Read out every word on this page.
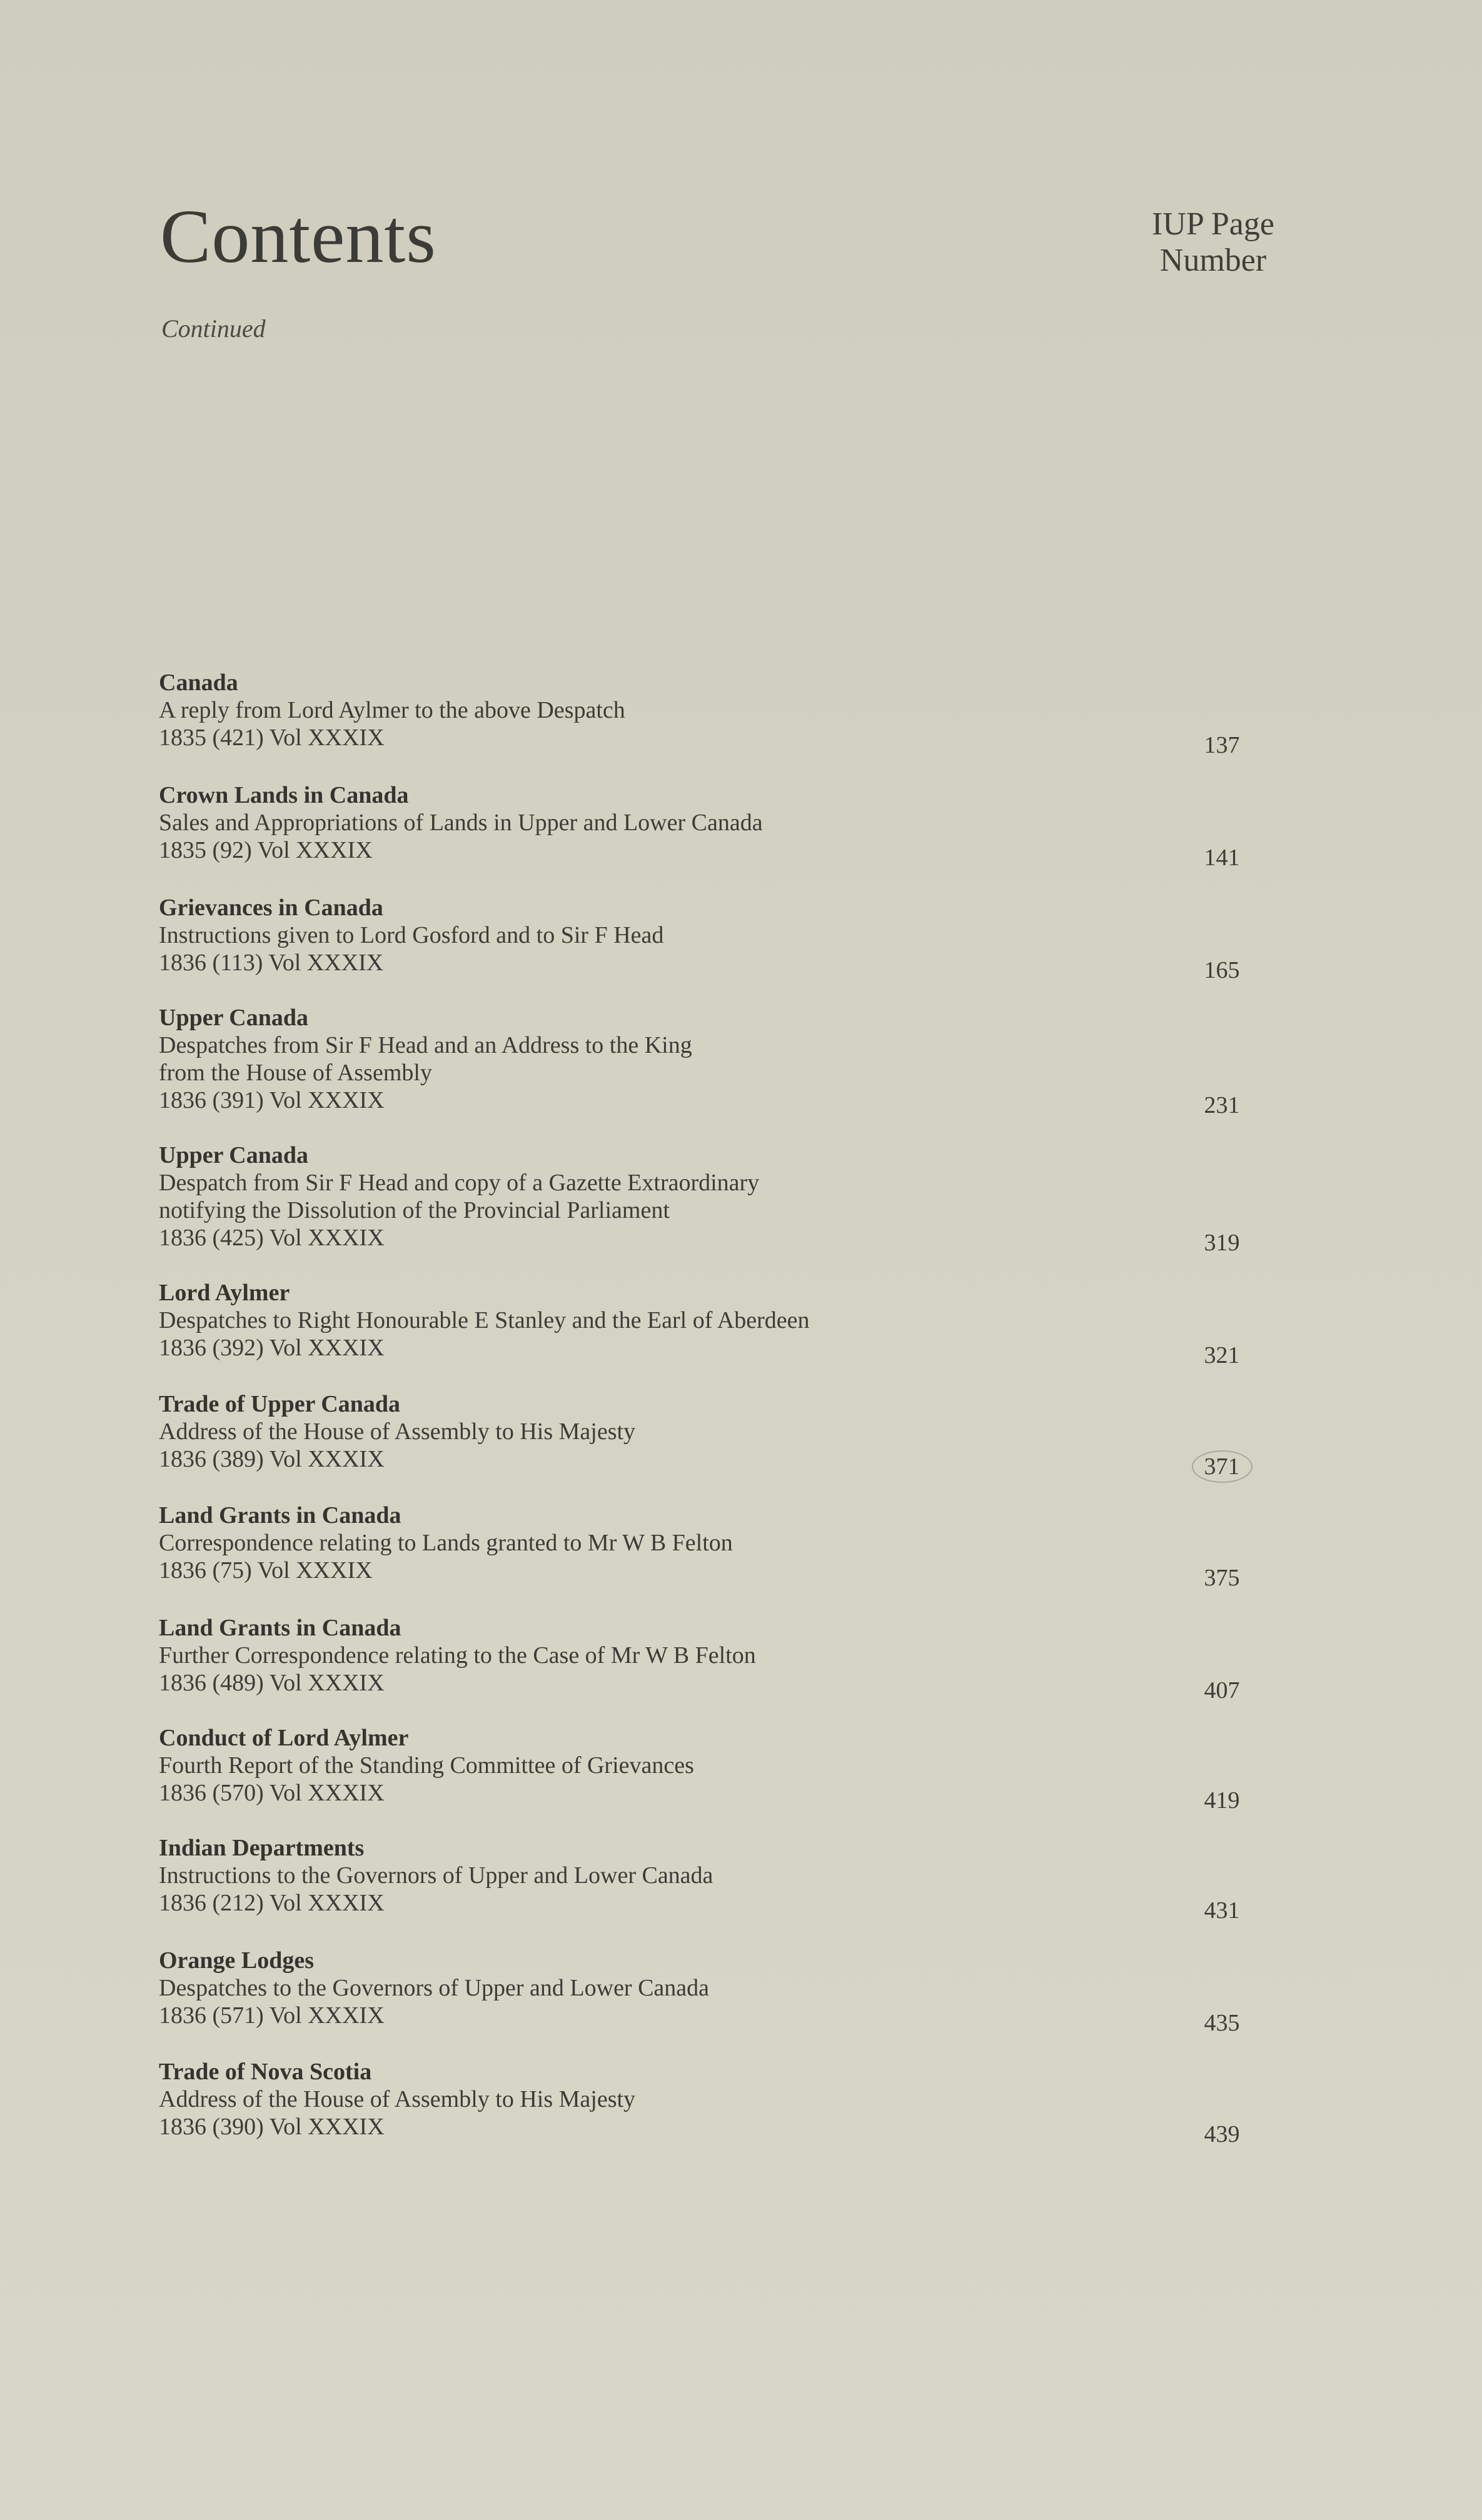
Contents
Continued
IUP Page
Number
Canada
A reply from Lord Aylmer to the above Despatch
1835 (421) Vol XXXIX	137
Crown Lands in Canada
Sales and Appropriations of Lands in Upper and Lower Canada
1835 (92) Vol XXXIX	141
Grievances in Canada
Instructions given to Lord Gosford and to Sir F Head
1836 (113) Vol XXXIX	165
Upper Canada
Despatches from Sir F Head and an Address to the King
from the House of Assembly
1836 (391) Vol XXXIX	231
Upper Canada
Despatch from Sir F Head and copy of a Gazette Extraordinary
notifying the Dissolution of the Provincial Parliament
1836 (425) Vol XXXIX	319
Lord Aylmer
Despatches to Right Honourable E Stanley and the Earl of Aberdeen
1836 (392) Vol XXXIX	321
Trade of Upper Canada
Address of the House of Assembly to His Majesty
1836 (389) Vol XXXIX	371
Land Grants in Canada
Correspondence relating to Lands granted to Mr W B Felton
1836 (75) Vol XXXIX	375
Land Grants in Canada
Further Correspondence relating to the Case of Mr W B Felton
1836 (489) Vol XXXIX	407
Conduct of Lord Aylmer
Fourth Report of the Standing Committee of Grievances
1836 (570) Vol XXXIX	419
Indian Departments
Instructions to the Governors of Upper and Lower Canada
1836 (212) Vol XXXIX	431
Orange Lodges
Despatches to the Governors of Upper and Lower Canada
1836 (571) Vol XXXIX	435
Trade of Nova Scotia
Address of the House of Assembly to His Majesty
1836 (390) Vol XXXIX	439
